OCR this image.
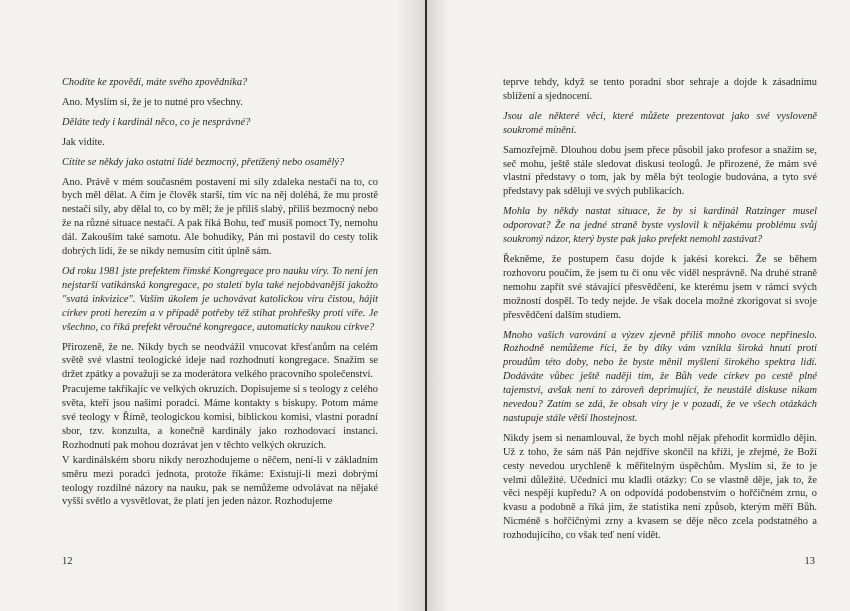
Chodíte ke zpovědi, máte svého zpovědníka?

Ano. Myslím si, že je to nutné pro všechny.

Děláte tedy i kardinál něco, co je nesprávné?

Jak vidíte.

Cítíte se někdy jako ostatní lidé bezmocný, přetížený nebo osamělý?

Ano. Právě v mém současném postavení mi síly zdaleka nestačí na to, co bych měl dělat. A čím je člověk starší, tím víc na něj doléhá, že mu prostě nestačí síly, aby dělal to, co by měl; že je příliš slabý, příliš bezmocný nebo že na různé situace nestačí. A pak říká Bohu, teď musíš pomoct Ty, nemohu dál. Zakouším také samotu. Ale bohudíky, Pán mi postavil do cesty tolik dobrých lidí, že se nikdy nemusím cítit úplně sám.

Od roku 1981 jste prefektem římské Kongregace pro nauku víry. To není jen nejstarší vatikánská kongregace, po staletí byla také nejobávanější jakožto "svatá inkvizice". Vaším úkolem je uchovávat katolickou víru čistou, hájit církev proti herezím a v případě potřeby též stíhat prohřešky proti víře. Je všechno, co říká prefekt věroučné kongregace, automaticky naukou církve?

Přirozeně, že ne. Nikdy bych se neodvážil vnucovat křesťanům na celém světě své vlastní teologické ideje nad rozhodnutí kongregace. Snažím se držet zpátky a považuji se za moderátora velkého pracovního společenství.

Pracujeme takříkajíc ve velkých okruzích. Dopisujeme si s teology z celého světa, kteří jsou našimi poradci. Máme kontakty s biskupy. Potom máme své teology v Římě, teologickou komisi, biblickou komisi, vlastní poradní sbor, tzv. konzulta, a konečně kardinály jako rozhodovací instanci. Rozhodnutí pak mohou dozrávat jen v těchto velkých okruzích.

V kardinálském sboru nikdy nerozhodujeme o něčem, není-li v základním směru mezi poradci jednota, protože říkáme: Existují-li mezi dobrými teology rozdílné názory na nauku, pak se nemůžeme odvolávat na nějaké vyšší světlo a vysvětlovat, že platí jen jeden názor. Rozhodujeme

12

teprve tehdy, když se tento poradní sbor sehraje a dojde k zásadnímu sblížení a sjednocení.

Jsou ale některé věci, které můžete prezentovat jako své vysloveně soukromé mínění.

Samozřejmě. Dlouhou dobu jsem přece působil jako profesor a snažím se, seč mohu, ještě stále sledovat diskusi teologů. Je přirozené, že mám své vlastní představy o tom, jak by měla být teologie budována, a tyto své představy pak sděluji ve svých publikacích.

Mohla by někdy nastat situace, že by si kardinál Ratzinger musel odporovat? Že na jedné straně byste vyslovil k nějakému problému svůj soukromý názor, který byste pak jako prefekt nemohl zastávat?

Řekněme, že postupem času dojde k jakési korekci. Že se během rozhovoru poučím, že jsem tu či onu věc viděl nesprávně. Na druhé straně nemohu zapřít své stávající přesvědčení, ke kterému jsem v rámci svých možností dospěl. To tedy nejde. Je však docela možné zkorigovat si svoje přesvědčení dalším studiem.

Mnoho vašich varování a výzev zjevně příliš mnoho ovoce nepřineslo. Rozhodně nemůžeme říci, že by díky vám vznikla široká hnutí proti proudům této doby, nebo že byste měnil myšlení širokého spektra lidí. Dodáváte vůbec ještě naději tím, že Bůh vede církev po cestě plné tajemství, avšak není to zároveň deprimující, že neustálé diskuse nikam nevedou? Zatím se zdá, že obsah víry je v pozadí, že ve všech otázkách nastupuje stále větší lhostejnost.

Nikdy jsem si nenamlouval, že bych mohl nějak přehodit kormidlo dějin. Už z toho, že sám náš Pán nejdříve skončil na kříži, je zřejmé, že Boží cesty nevedou urychleně k měřitelným úspěchům. Myslím si, že to je velmi důležité. Učedníci mu kladli otázky: Co se vlastně děje, jak to, že věci nespějí kupředu? A on odpovídá podobenstvím o hořčičném zrnu, o kvasu a podobně a říká jim, že statistika není způsob, kterým měří Bůh. Nicméně s hořčičnými zrny a kvasem se děje něco zcela podstatného a rozhodujícího, co však teď není vidět.

13
